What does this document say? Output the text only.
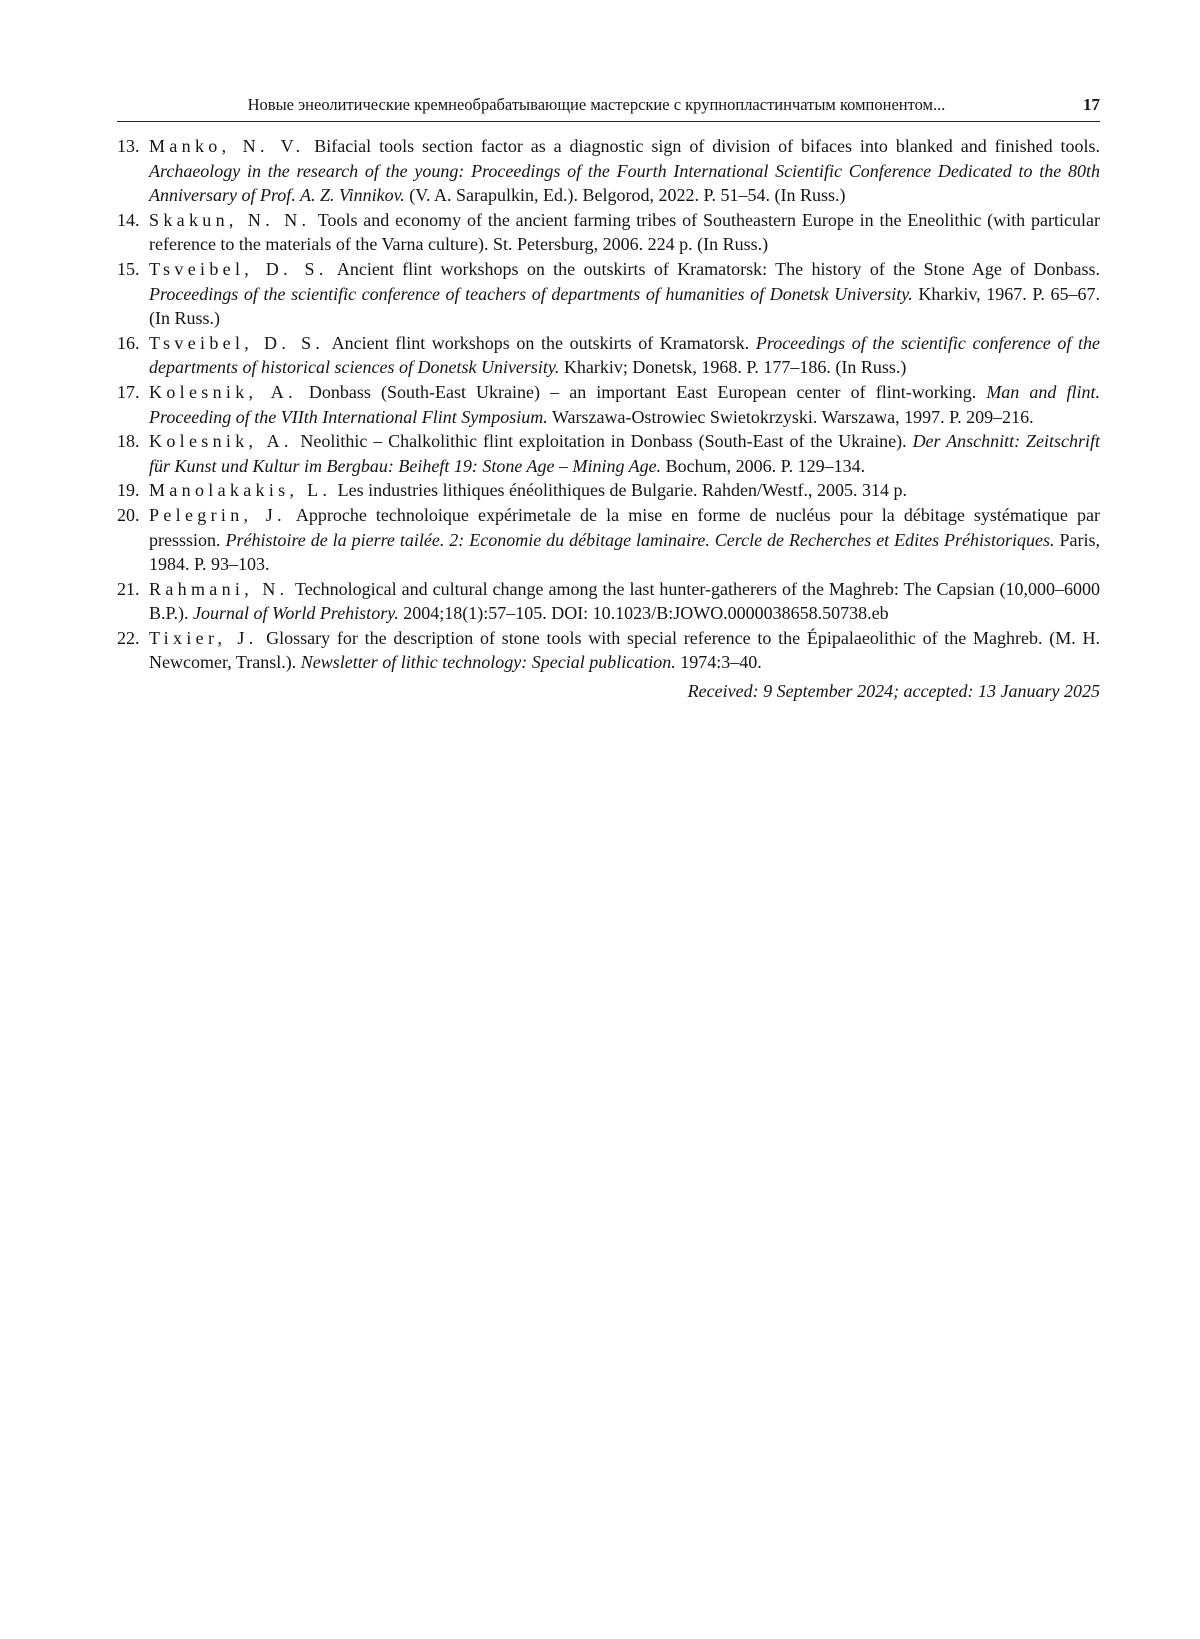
Новые энеолитические кремнеобрабатывающие мастерские с крупнопластинчатым компонентом...	17
13. Manko, N. V. Bifacial tools section factor as a diagnostic sign of division of bifaces into blanked and finished tools. Archaeology in the research of the young: Proceedings of the Fourth International Scientific Conference Dedicated to the 80th Anniversary of Prof. A. Z. Vinnikov. (V. A. Sarapulkin, Ed.). Belgorod, 2022. P. 51–54. (In Russ.)
14. Skakun, N. N. Tools and economy of the ancient farming tribes of Southeastern Europe in the Eneolithic (with particular reference to the materials of the Varna culture). St. Petersburg, 2006. 224 p. (In Russ.)
15. Tsveibel, D. S. Ancient flint workshops on the outskirts of Kramatorsk: The history of the Stone Age of Donbass. Proceedings of the scientific conference of teachers of departments of humanities of Donetsk University. Kharkiv, 1967. P. 65–67. (In Russ.)
16. Tsveibel, D. S. Ancient flint workshops on the outskirts of Kramatorsk. Proceedings of the scientific conference of the departments of historical sciences of Donetsk University. Kharkiv; Donetsk, 1968. P. 177–186. (In Russ.)
17. Kolesnik, A. Donbass (South-East Ukraine) – an important East European center of flint-working. Man and flint. Proceeding of the VIIth International Flint Symposium. Warszawa-Ostrowiec Swietokrzyski. Warszawa, 1997. P. 209–216.
18. Kolesnik, A. Neolithic – Chalkolithic flint exploitation in Donbass (South-East of the Ukraine). Der Anschnitt: Zeitschrift für Kunst und Kultur im Bergbau: Beiheft 19: Stone Age – Mining Age. Bochum, 2006. P. 129–134.
19. Manolakakis, L. Les industries lithiques énéolithiques de Bulgarie. Rahden/Westf., 2005. 314 p.
20. Pelegrin, J. Approche technoloique expérimetale de la mise en forme de nucléus pour la débitage systématique par presssion. Préhistoire de la pierre tailée. 2: Economie du débitage laminaire. Cercle de Recherches et Edites Préhistoriques. Paris, 1984. P. 93–103.
21. Rahmani, N. Technological and cultural change among the last hunter-gatherers of the Maghreb: The Capsian (10,000–6000 B.P.). Journal of World Prehistory. 2004;18(1):57–105. DOI: 10.1023/B:JOWO.0000038658.50738.eb
22. Tixier, J. Glossary for the description of stone tools with special reference to the Épipalaeolithic of the Maghreb. (M. H. Newcomer, Transl.). Newsletter of lithic technology: Special publication. 1974:3–40.
Received: 9 September 2024; accepted: 13 January 2025
